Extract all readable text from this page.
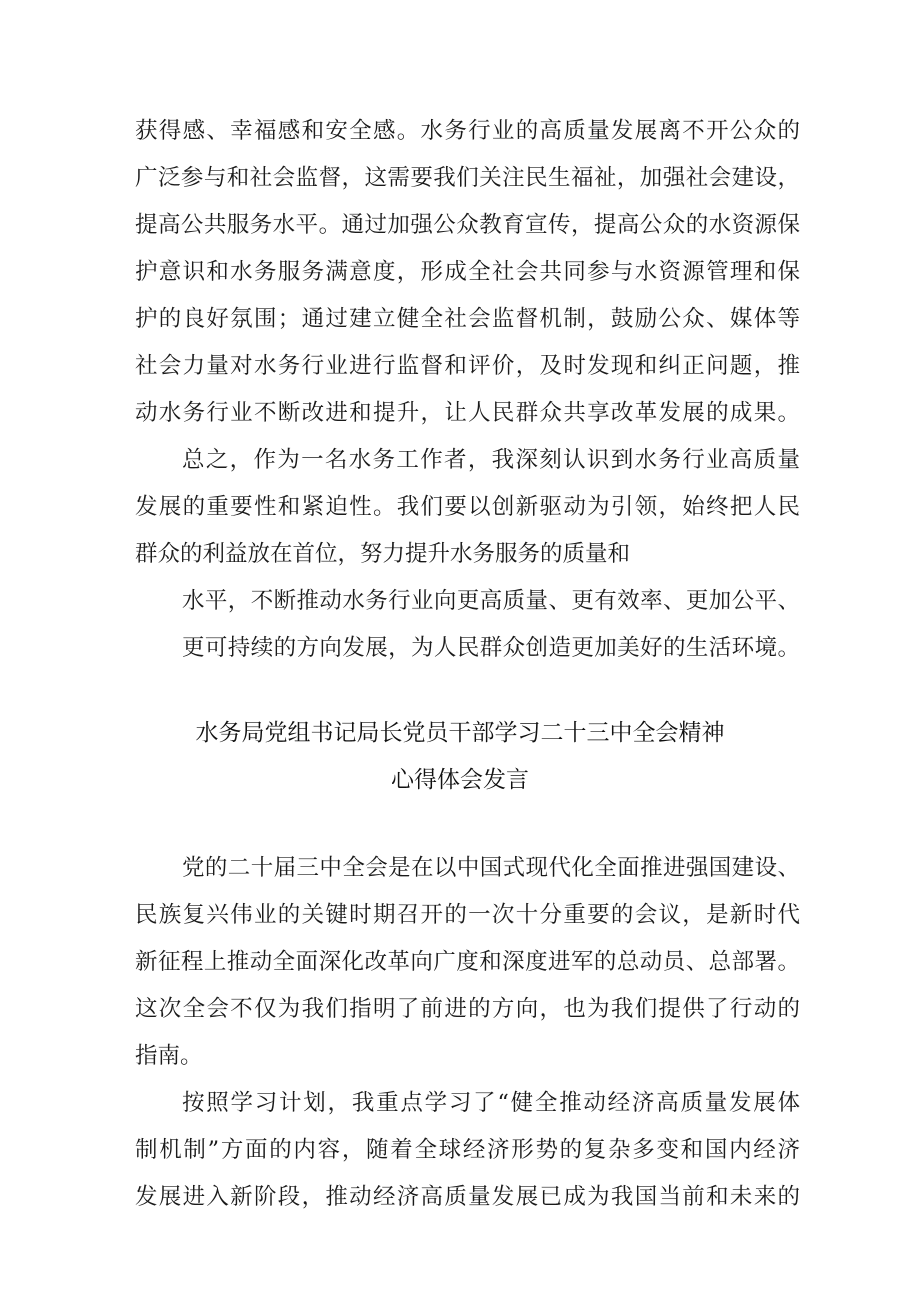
获得感、幸福感和安全感。水务行业的高质量发展离不开公众的
广泛参与和社会监督，这需要我们关注民生福祉，加强社会建设，
提高公共服务水平。通过加强公众教育宣传，提高公众的水资源保
护意识和水务服务满意度，形成全社会共同参与水资源管理和保
护的良好氛围；通过建立健全社会监督机制，鼓励公众、媒体等
社会力量对水务行业进行监督和评价，及时发现和纠正问题，推
动水务行业不断改进和提升，让人民群众共享改革发展的成果。
总之，作为一名水务工作者，我深刻认识到水务行业高质量
发展的重要性和紧迫性。我们要以创新驱动为引领，始终把人民
群众的利益放在首位，努力提升水务服务的质量和
水平，不断推动水务行业向更高质量、更有效率、更加公平、
更可持续的方向发展，为人民群众创造更加美好的生活环境。
水务局党组书记局长党员干部学习二十三中全会精神
心得体会发言
党的二十届三中全会是在以中国式现代化全面推进强国建设、
民族复兴伟业的关键时期召开的一次十分重要的会议，是新时代
新征程上推动全面深化改革向广度和深度进军的总动员、总部署。
这次全会不仅为我们指明了前进的方向，也为我们提供了行动的
指南。
按照学习计划，我重点学习了“健全推动经济高质量发展体
制机制”方面的内容，随着全球经济形势的复杂多变和国内经济
发展进入新阶段，推动经济高质量发展已成为我国当前和未来的
